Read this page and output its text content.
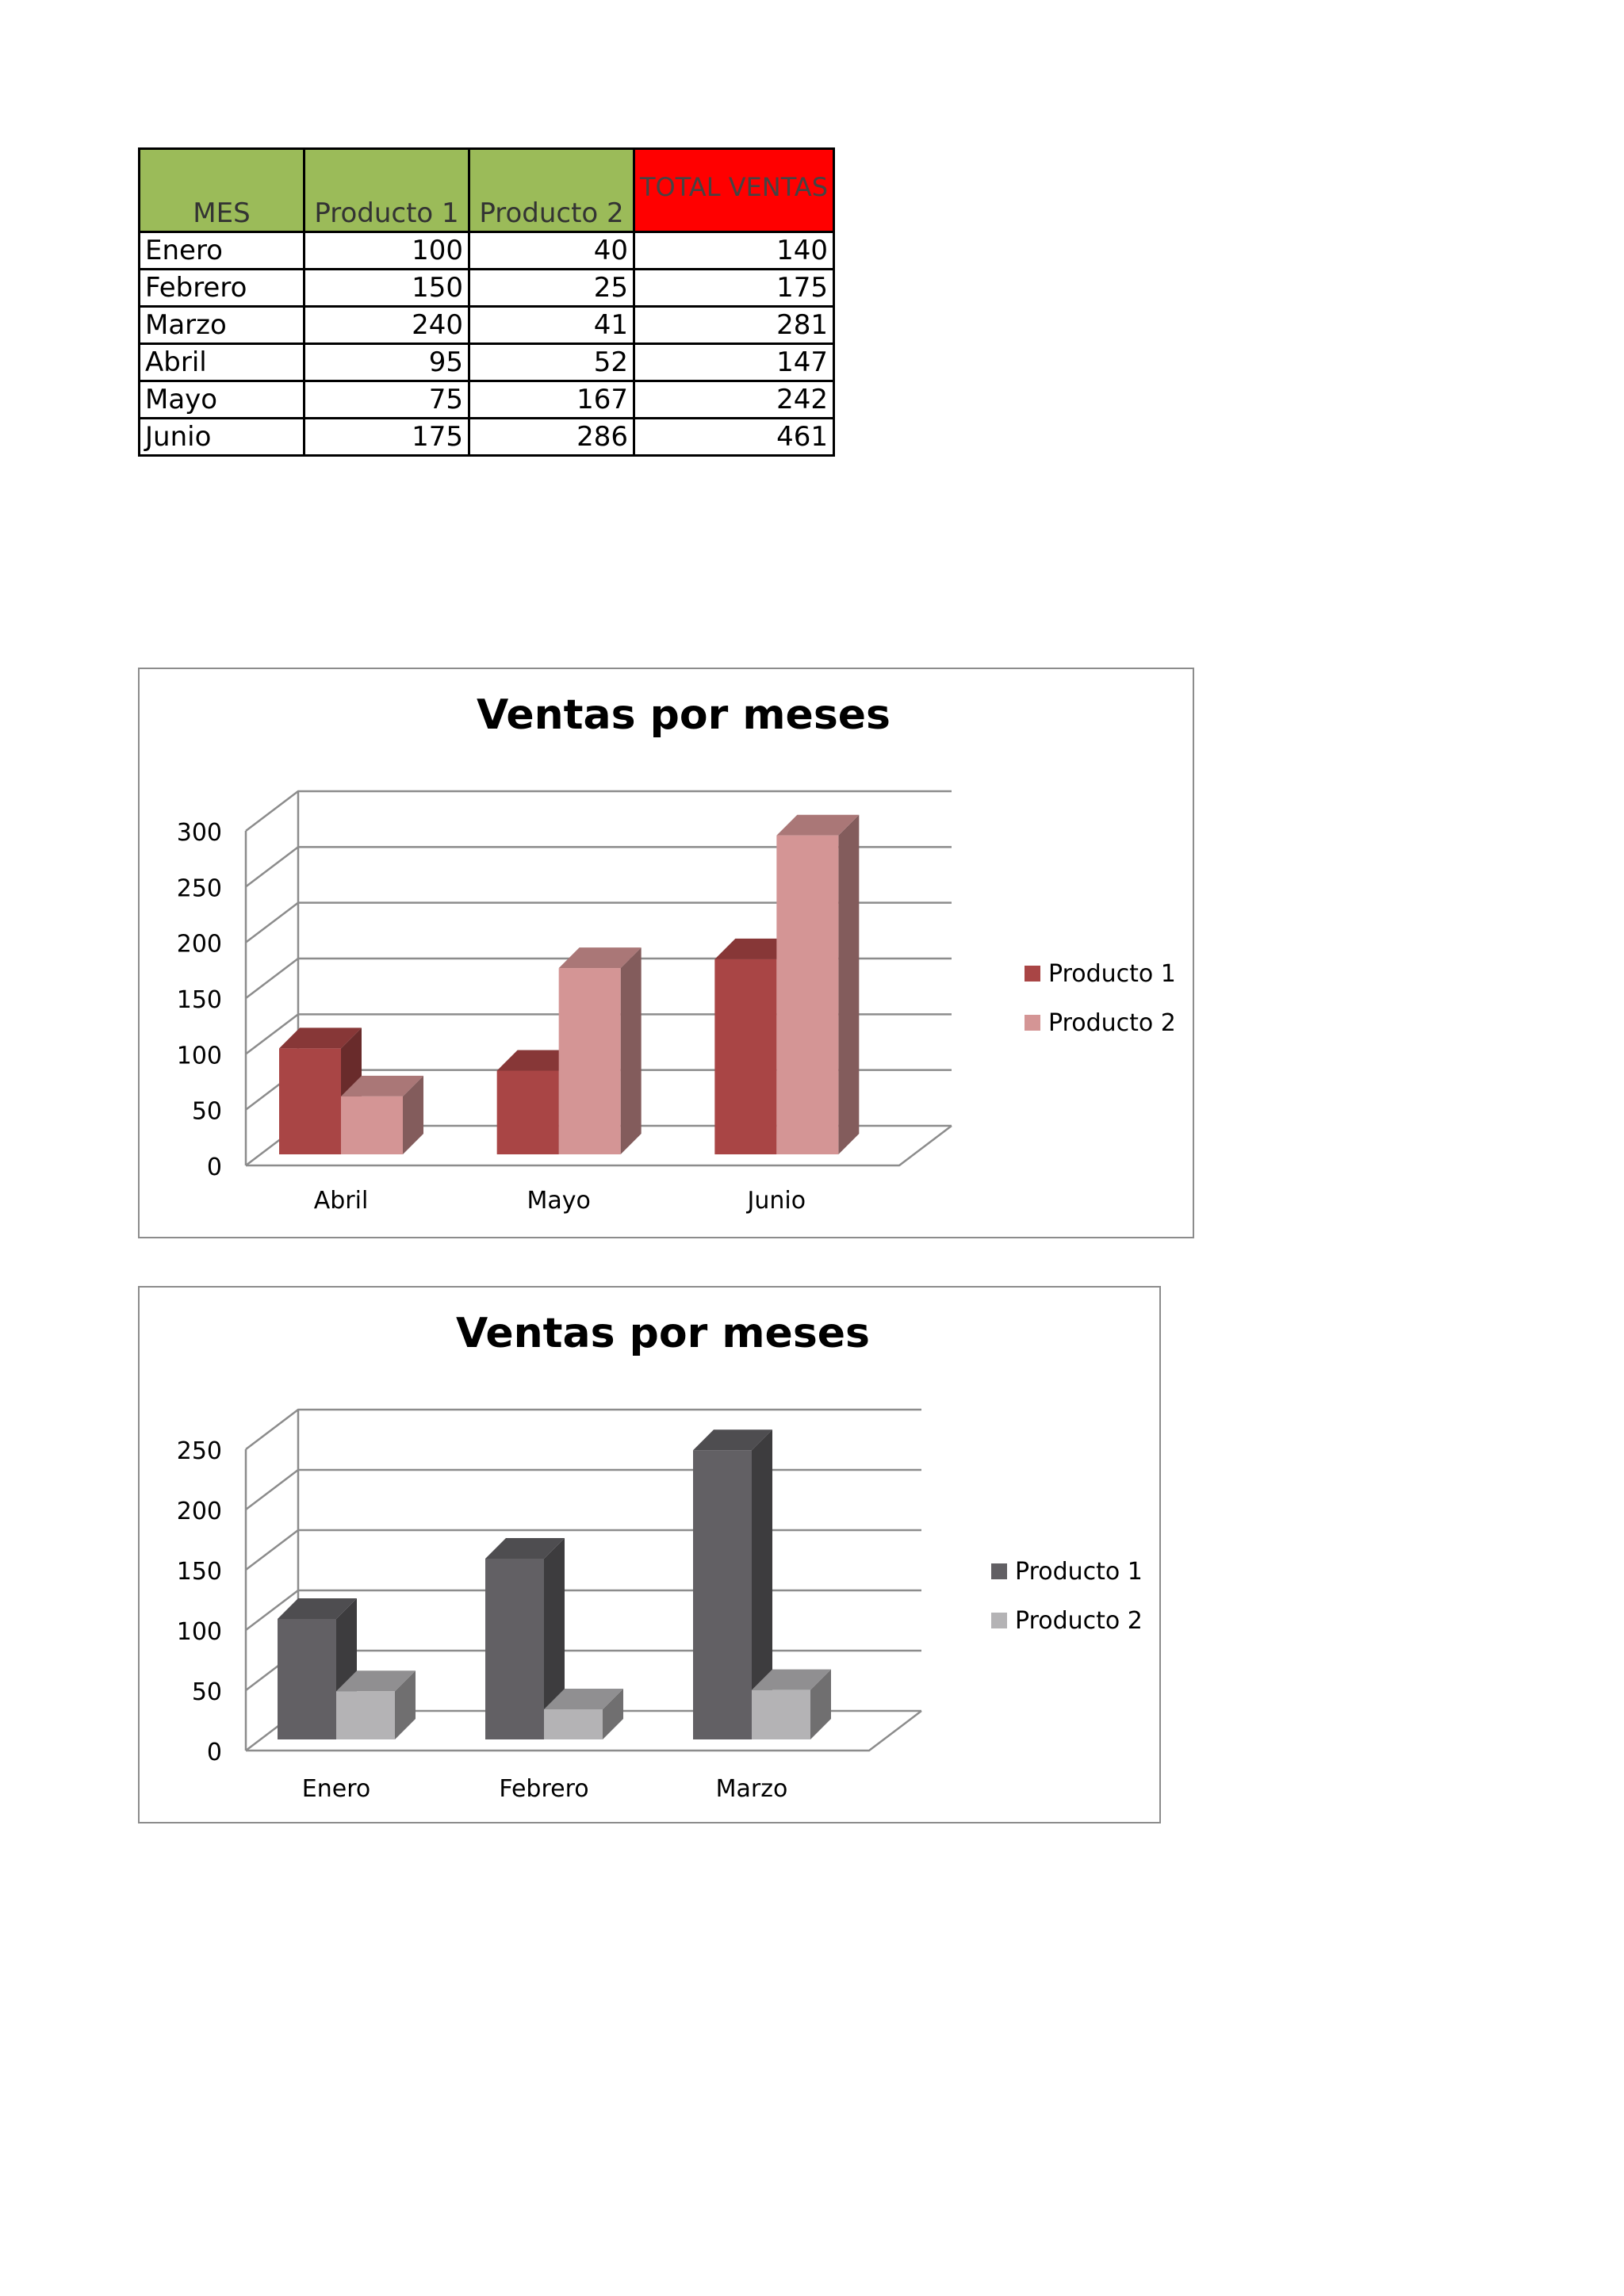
MES	Producto 1	Producto 2	TOTAL VENTAS
Enero	100	40	140
Febrero	150	25	175
Marzo	240	41	281
Abril	95	52	147
Mayo	75	167	242
Junio	175	286	461
Ventas por meses
0
50
100
150
200
250
300
Abril	Mayo	Junio
Producto 1
Producto 2
Ventas por meses
0
50
100
150
200
250
Enero	Febrero	Marzo
Producto 1
Producto 2
